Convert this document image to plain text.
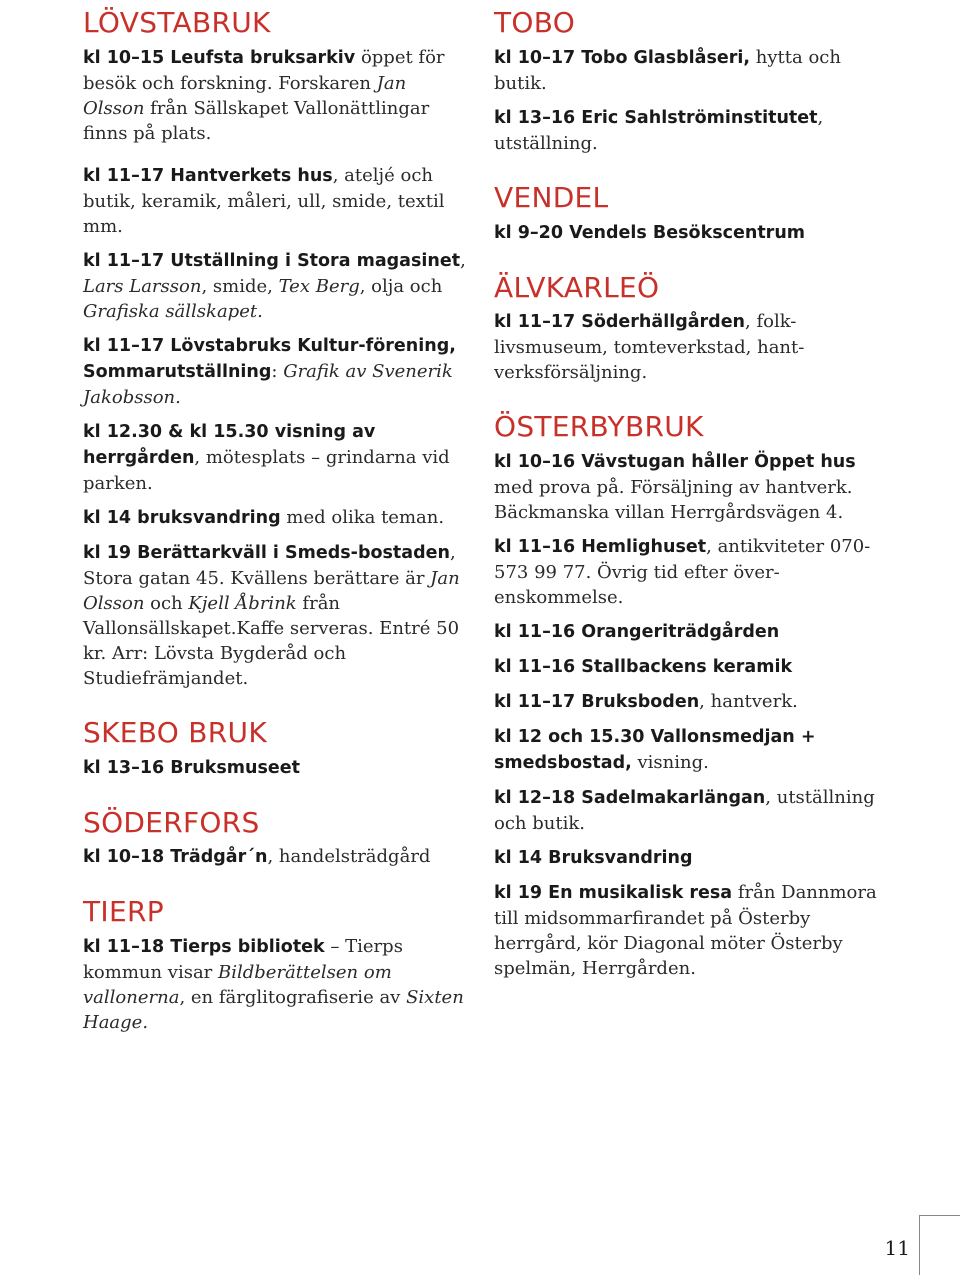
LÖVSTABRUK

kl 10–15 Leufsta bruksarkiv öppet för besök och forskning. Forskaren Jan Olsson från Sällskapet Vallonättlingar finns på plats.

kl 11–17 Hantverkets hus, ateljé och butik, keramik, måleri, ull, smide, textil mm.

kl 11–17 Utställning i Stora magasinet, Lars Larsson, smide, Tex Berg, olja och Grafiska sällskapet.

kl 11–17 Lövstabruks Kultur-förening, Sommarutställning: Grafik av Svenerik Jakobsson.

kl 12.30 & kl 15.30 visning av herrgården, mötesplats – grindarna vid parken.

kl 14 bruksvandring med olika teman.

kl 19 Berättarkväll i Smeds-bostaden, Stora gatan 45. Kvällens berättare är Jan Olsson och Kjell Åbrink från Vallonsällskapet.Kaffe serveras. Entré 50 kr. Arr: Lövsta Bygderåd och Studiefrämjandet.

SKEBO BRUK

kl 13–16 Bruksmuseet

SÖDERFORS

kl 10–18 Trädgår´n, handelsträdgård

TIERP

kl 11–18 Tierps bibliotek – Tierps kommun visar Bildberättelsen om vallonerna, en färglitografiserie av Sixten Haage.

TOBO

kl 10–17 Tobo Glasblåseri, hytta och butik.

kl 13–16 Eric Sahlströminstitutet, utställning.

VENDEL

kl 9–20 Vendels Besökscentrum

ÄLVKARLEÖ

kl 11–17 Söderhällgården, folk-livsmuseum, tomteverkstad, hant-verksförsäljning.

ÖSTERBYBRUK

kl 10–16 Vävstugan håller Öppet hus med prova på. Försäljning av hantverk. Bäckmanska villan Herrgårdsvägen 4.

kl 11–16 Hemlighuset, antikviteter 070-573 99 77. Övrig tid efter över-enskommelse.

kl 11–16 Orangeriträdgården

kl 11–16 Stallbackens keramik

kl 11–17 Bruksboden, hantverk.

kl 12 och 15.30 Vallonsmedjan + smedsbostad, visning.

kl 12–18 Sadelmakarlängan, utställning och butik.

kl 14 Bruksvandring

kl 19 En musikalisk resa från Dannmora till midsommarfirandet på Österby herrgård, kör Diagonal möter Österby spelmän, Herrgården.

11
